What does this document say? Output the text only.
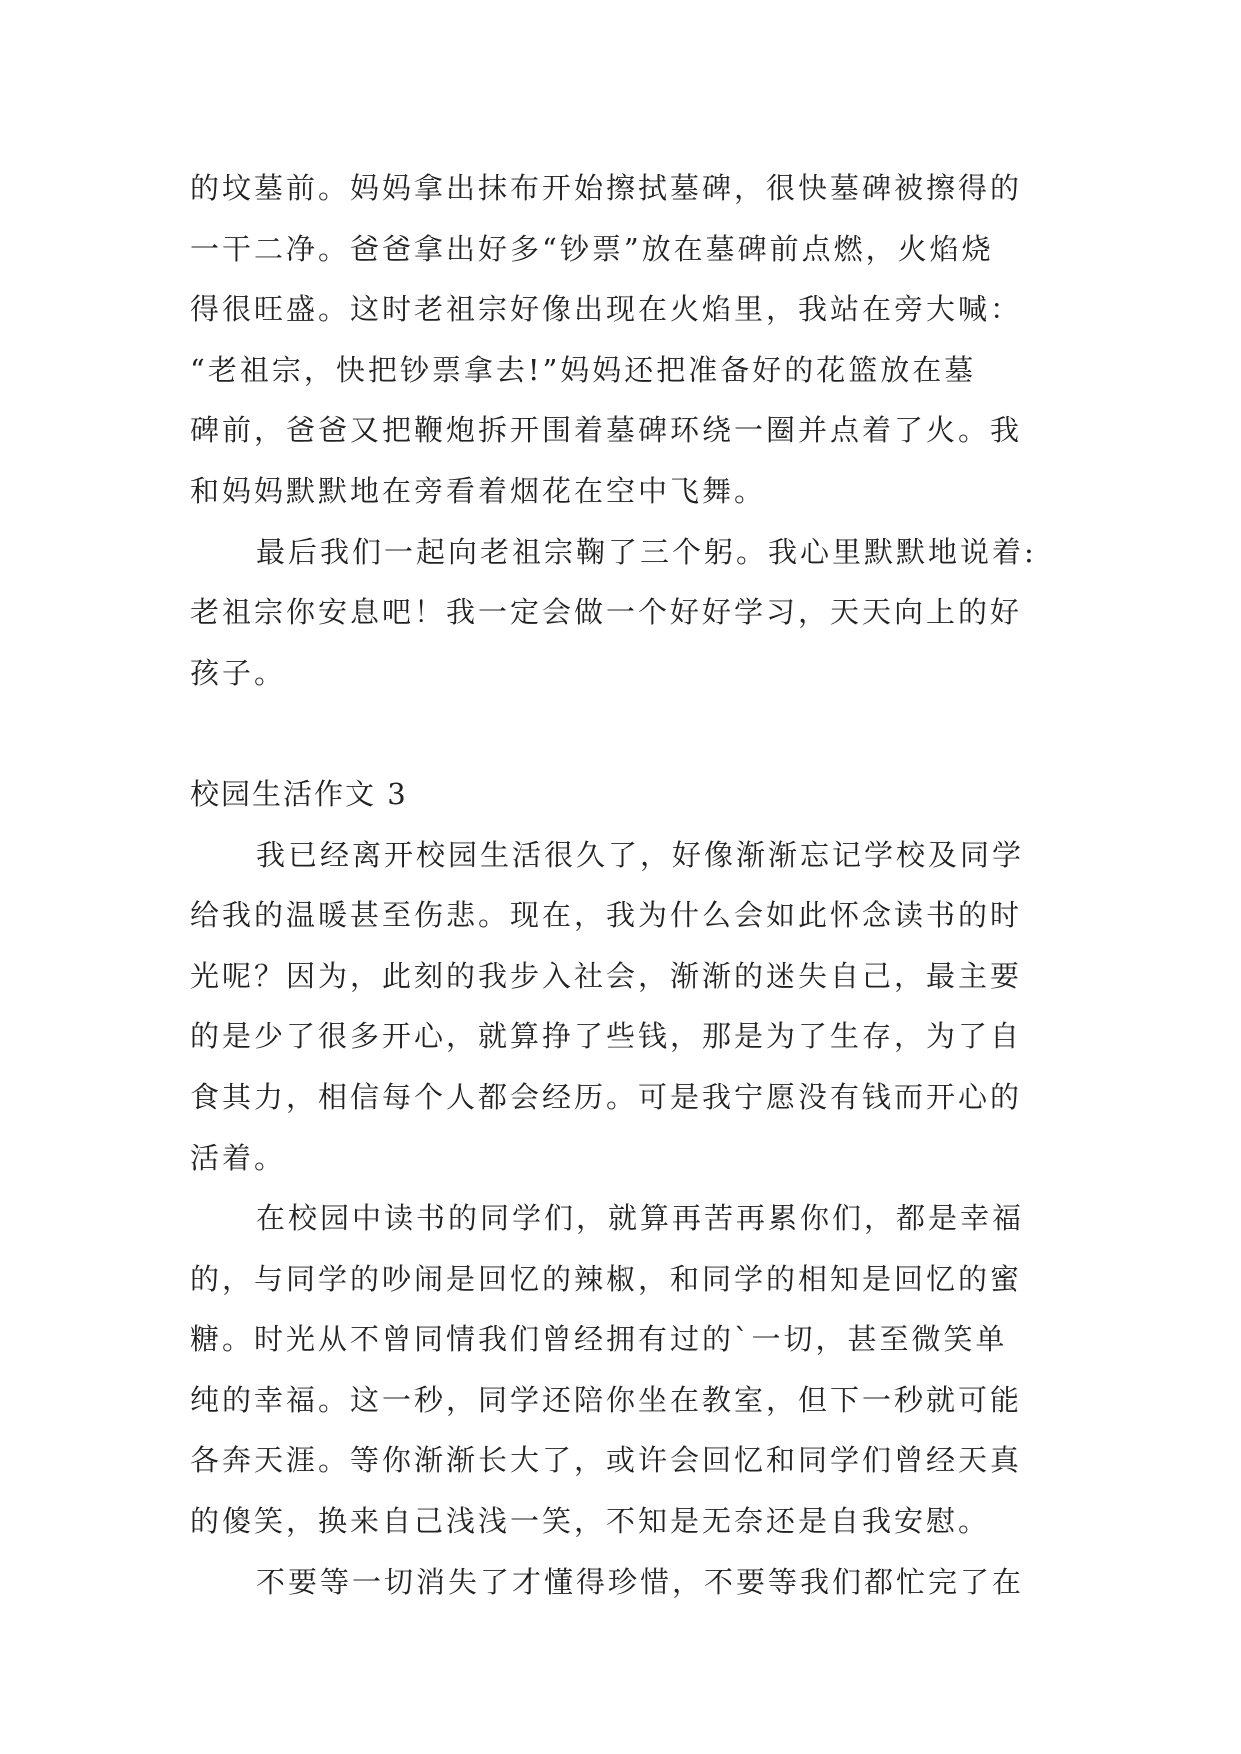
的坟墓前。妈妈拿出抹布开始擦拭墓碑，很快墓碑被擦得的
一干二净。爸爸拿出好多“钞票”放在墓碑前点燃，火焰烧
得很旺盛。这时老祖宗好像出现在火焰里，我站在旁大喊：
“老祖宗，快把钞票拿去!”妈妈还把准备好的花篮放在墓
碑前，爸爸又把鞭炮拆开围着墓碑环绕一圈并点着了火。我
和妈妈默默地在旁看着烟花在空中飞舞。
最后我们一起向老祖宗鞠了三个躬。我心里默默地说着:
老祖宗你安息吧！我一定会做一个好好学习，天天向上的好
孩子。
校园生活作文 3
我已经离开校园生活很久了，好像渐渐忘记学校及同学
给我的温暖甚至伤悲。现在，我为什么会如此怀念读书的时
光呢？因为，此刻的我步入社会，渐渐的迷失自己，最主要
的是少了很多开心，就算挣了些钱，那是为了生存，为了自
食其力，相信每个人都会经历。可是我宁愿没有钱而开心的
活着。
在校园中读书的同学们，就算再苦再累你们，都是幸福
的，与同学的吵闹是回忆的辣椒，和同学的相知是回忆的蜜
糖。时光从不曾同情我们曾经拥有过的`一切，甚至微笑单
纯的幸福。这一秒，同学还陪你坐在教室，但下一秒就可能
各奔天涯。等你渐渐长大了，或许会回忆和同学们曾经天真
的傻笑，换来自己浅浅一笑，不知是无奈还是自我安慰。
不要等一切消失了才懂得珍惜，不要等我们都忙完了在
